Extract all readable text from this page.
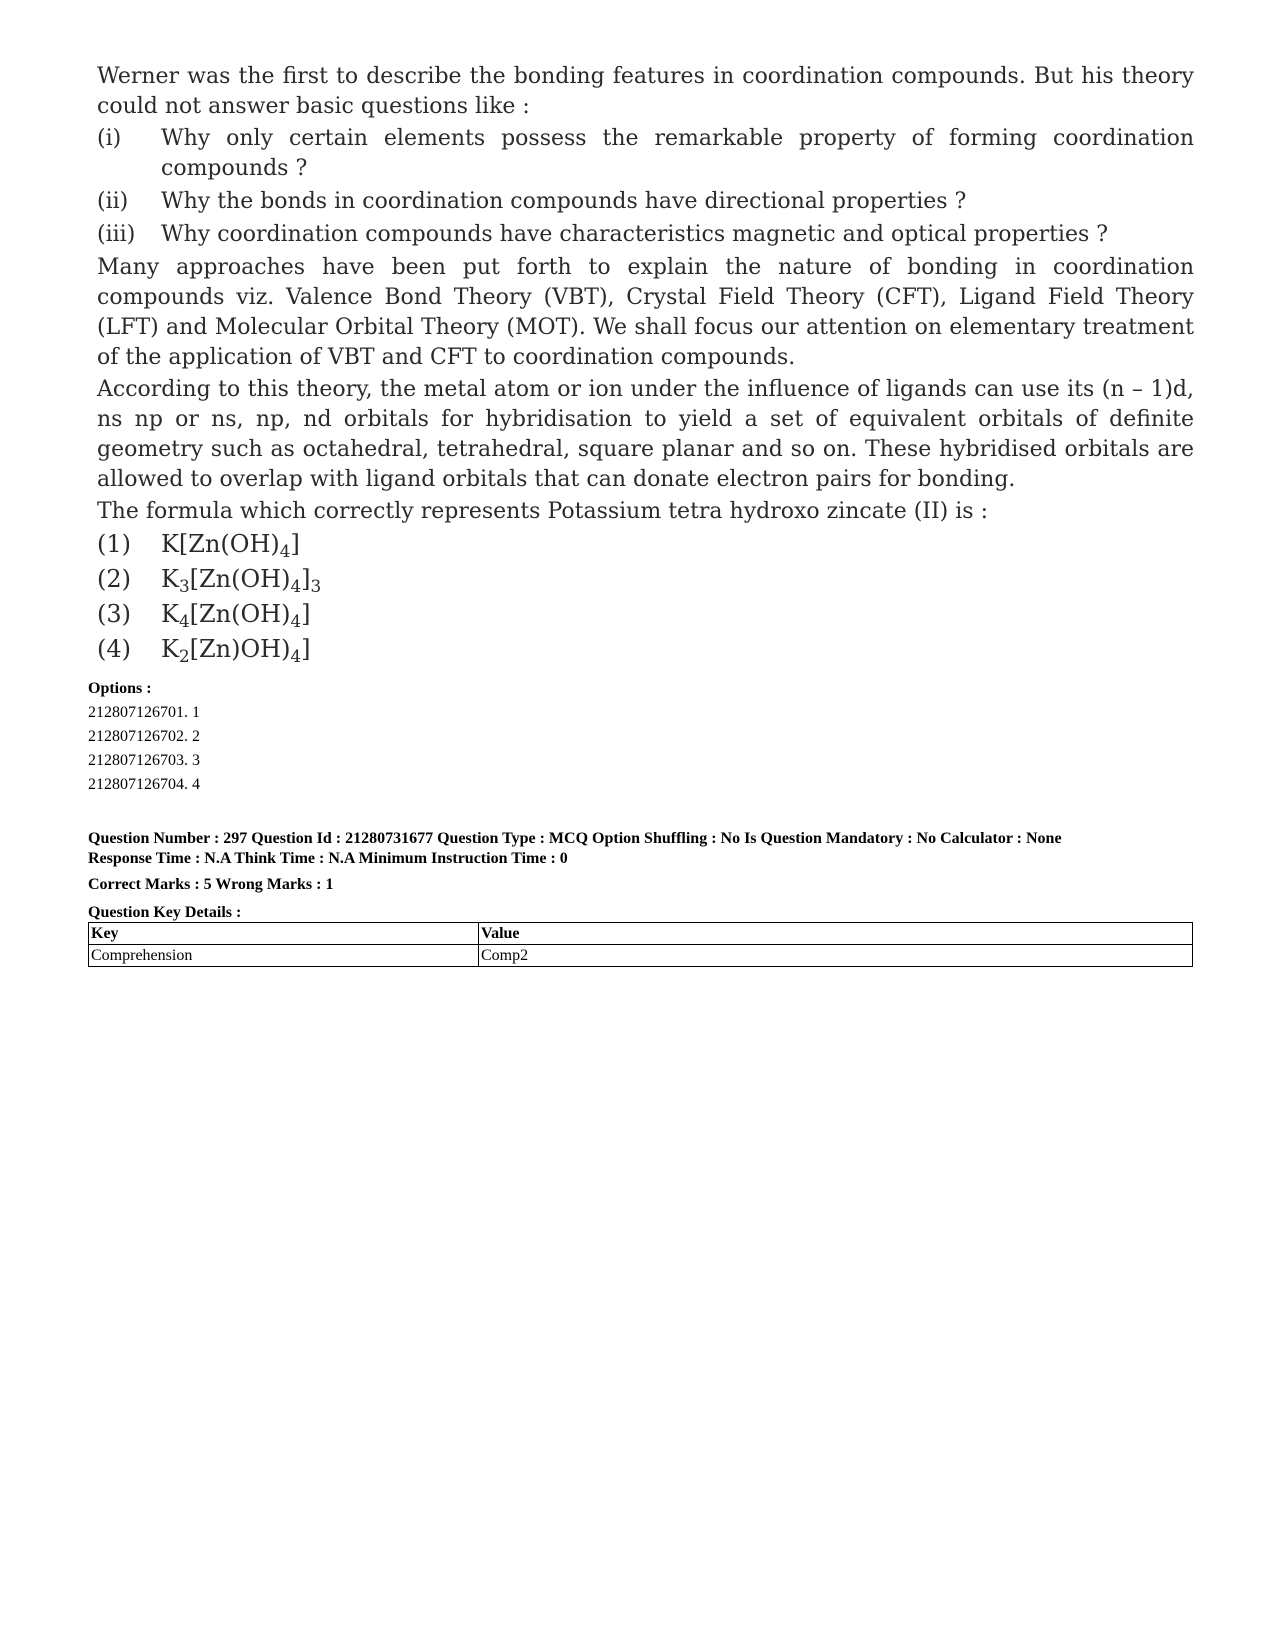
Werner was the first to describe the bonding features in coordination compounds. But his theory could not answer basic questions like :

(i)	Why only certain elements possess the remarkable property of forming coordination compounds ?
(ii)	Why the bonds in coordination compounds have directional properties ?
(iii)	Why coordination compounds have characteristics magnetic and optical properties ?

Many approaches have been put forth to explain the nature of bonding in coordination compounds viz. Valence Bond Theory (VBT), Crystal Field Theory (CFT), Ligand Field Theory (LFT) and Molecular Orbital Theory (MOT). We shall focus our attention on elementary treatment of the application of VBT and CFT to coordination compounds.

According to this theory, the metal atom or ion under the influence of ligands can use its (n – 1)d, ns np or ns, np, nd orbitals for hybridisation to yield a set of equivalent orbitals of definite geometry such as octahedral, tetrahedral, square planar and so on. These hybridised orbitals are allowed to overlap with ligand orbitals that can donate electron pairs for bonding.

The formula which correctly represents Potassium tetra hydroxo zincate (II) is :

(1)	$K[Zn(OH)_4]$
(2)	$K_3[Zn(OH)_4]_3$
(3)	$K_4[Zn(OH)_4]$
(4)	$K_2[Zn)OH)_4$]
Options :
212807126701. 1
212807126702. 2
212807126703. 3
212807126704. 4
Question Number : 297 Question Id : 21280731677 Question Type : MCQ Option Shuffling : No Is Question Mandatory : No Calculator : None
Response Time : N.A Think Time : N.A Minimum Instruction Time : 0
Correct Marks : 5 Wrong Marks : 1
Question Key Details :
Key	Value
Comprehension	Comp2
